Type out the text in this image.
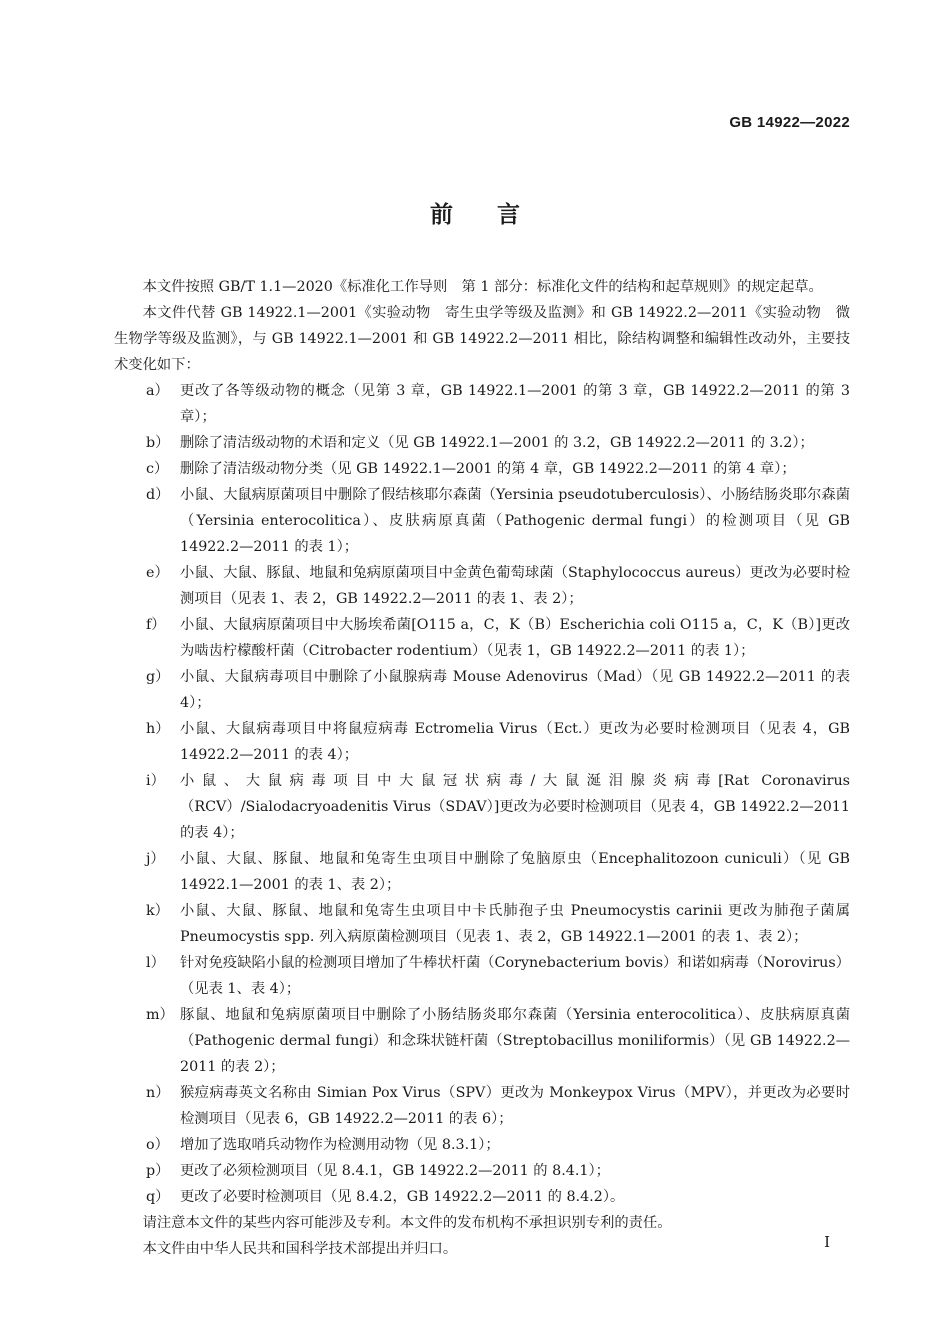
GB 14922—2022
前言

本文件按照 GB/T 1.1—2020《标准化工作导则　第 1 部分：标准化文件的结构和起草规则》的规定起草。

本文件代替 GB 14922.1—2001《实验动物　寄生虫学等级及监测》和 GB 14922.2—2011《实验动物　微生物学等级及监测》，与 GB 14922.1—2001 和 GB 14922.2—2011 相比，除结构调整和编辑性改动外，主要技术变化如下：

a） 更改了各等级动物的概念（见第 3 章，GB 14922.1—2001 的第 3 章，GB 14922.2—2011 的第 3 章）；
b） 删除了清洁级动物的术语和定义（见 GB 14922.1—2001 的 3.2，GB 14922.2—2011 的 3.2）；
c） 删除了清洁级动物分类（见 GB 14922.1—2001 的第 4 章，GB 14922.2—2011 的第 4 章）；
d） 小鼠、大鼠病原菌项目中删除了假结核耶尔森菌（Yersinia pseudotuberculosis）、小肠结肠炎耶尔森菌（Yersinia enterocolitica）、皮肤病原真菌（Pathogenic dermal fungi）的检测项目（见 GB 14922.2—2011 的表 1）；
e） 小鼠、大鼠、豚鼠、地鼠和兔病原菌项目中金黄色葡萄球菌（Staphylococcus aureus）更改为必要时检测项目（见表 1、表 2，GB 14922.2—2011 的表 1、表 2）；
f）	小鼠、大鼠病原菌项目中大肠埃希菌[O115 a，C，K（B）Escherichia coli O115 a，C，K（B）]更改为啮齿柠檬酸杆菌（Citrobacter rodentium）（见表 1，GB 14922.2—2011 的表 1）；
g） 小鼠、大鼠病毒项目中删除了小鼠腺病毒 Mouse Adenovirus（Mad）（见 GB 14922.2—2011 的表 4）；
h） 小鼠、大鼠病毒项目中将鼠痘病毒 Ectromelia Virus（Ect.）更改为必要时检测项目（见表 4，GB 14922.2—2011 的表 4）；
i）	小鼠、大鼠病毒项目中大鼠冠状病毒/大鼠涎泪腺炎病毒[Rat Coronavirus（RCV）/Sialodacryoadenitis Virus（SDAV）]更改为必要时检测项目（见表 4，GB 14922.2—2011 的表 4）；
j）	小鼠、大鼠、豚鼠、地鼠和兔寄生虫项目中删除了兔脑原虫（Encephalitozoon cuniculi）（见 GB 14922.1—2001 的表 1、表 2）；
k） 小鼠、大鼠、豚鼠、地鼠和兔寄生虫项目中卡氏肺孢子虫 Pneumocystis carinii 更改为肺孢子菌属 Pneumocystis spp. 列入病原菌检测项目（见表 1、表 2，GB 14922.1—2001 的表 1、表 2）；
l）	针对免疫缺陷小鼠的检测项目增加了牛棒状杆菌（Corynebacterium bovis）和诺如病毒（Norovirus）（见表 1、表 4）；
m） 豚鼠、地鼠和兔病原菌项目中删除了小肠结肠炎耶尔森菌（Yersinia enterocolitica）、皮肤病原真菌（Pathogenic dermal fungi）和念珠状链杆菌（Streptobacillus moniliformis）（见 GB 14922.2—2011 的表 2）；
n） 猴痘病毒英文名称由 Simian Pox Virus（SPV）更改为 Monkeypox Virus（MPV），并更改为必要时检测项目（见表 6，GB 14922.2—2011 的表 6）；
o） 增加了选取哨兵动物作为检测用动物（见 8.3.1）；
p） 更改了必须检测项目（见 8.4.1，GB 14922.2—2011 的 8.4.1）；
q） 更改了必要时检测项目（见 8.4.2，GB 14922.2—2011 的 8.4.2）。

请注意本文件的某些内容可能涉及专利。本文件的发布机构不承担识别专利的责任。

本文件由中华人民共和国科学技术部提出并归口。	I
